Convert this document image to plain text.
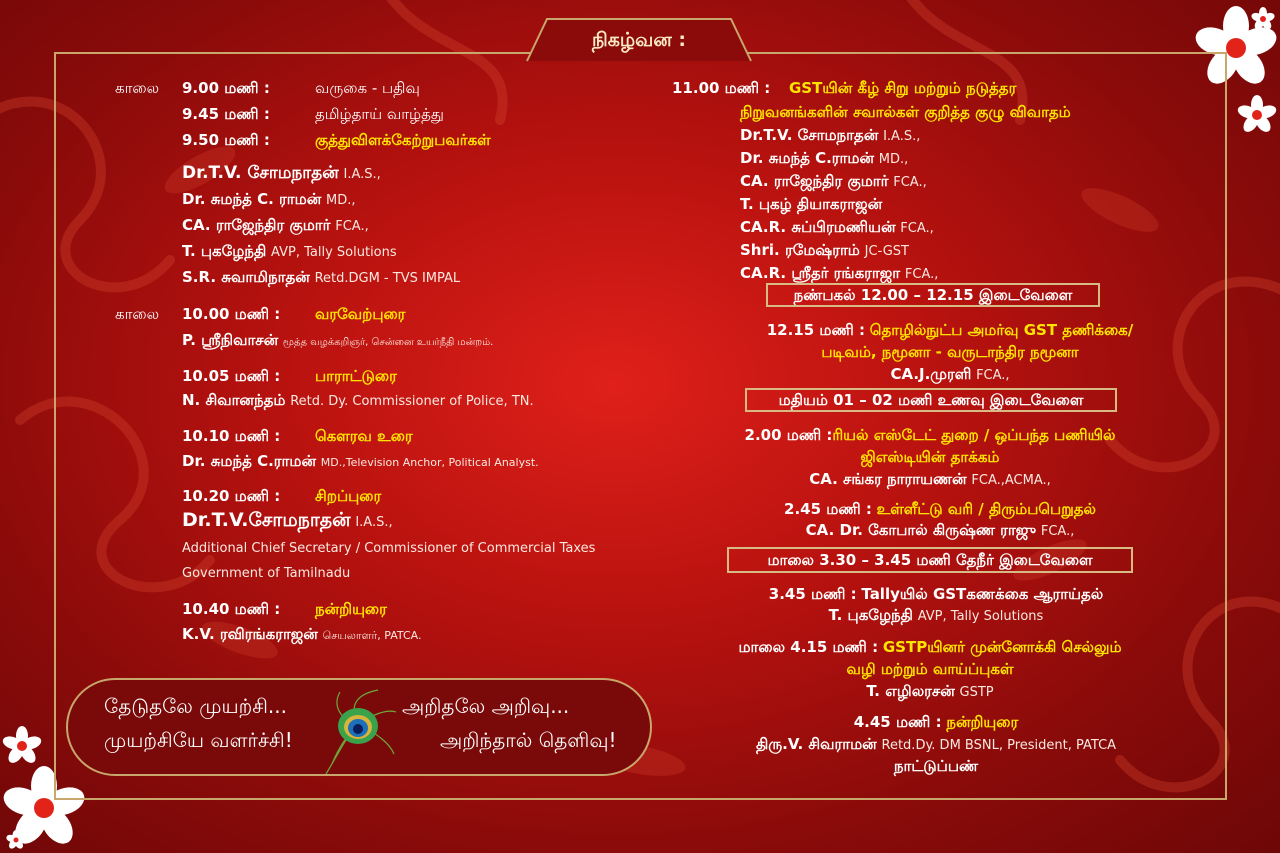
நிகழ்வன :
காலை 9.00 மணி :	வருகை - பதிவு
9.45 மணி :	தமிழ்தாய் வாழ்த்து
9.50 மணி :	குத்துவிளக்கேற்றுபவர்கள்
Dr.T.V. சோமநாதன் I.A.S.,
Dr. சுமந்த் C. ராமன் MD.,
CA. ராஜேந்திர குமார் FCA.,
T. புகழேந்தி AVP, Tally Solutions
S.R. சுவாமிநாதன் Retd.DGM - TVS IMPAL
காலை 10.00 மணி : வரவேற்புரை
P. ஸ்ரீநிவாசன் மூத்த வழக்கறிஞர், சென்னை உயர்நீதி மன்றம்.
10.05 மணி : பாராட்டுரை
N. சிவானந்தம் Retd. Dy. Commissioner of Police, TN.
10.10 மணி : கௌரவ உரை
Dr. சுமந்த் C.ராமன் MD.,Television Anchor, Political Analyst.
10.20 மணி : சிறப்புரை
Dr.T.V.சோமநாதன் I.A.S.,
Additional Chief Secretary / Commissioner of Commercial Taxes
Government of Tamilnadu
10.40 மணி : நன்றியுரை
K.V. ரவிரங்கராஜன் செயலாளர், PATCA.
தேடுதலே முயற்சி...
முயற்சியே வளர்ச்சி!
அறிதலே அறிவு...
அறிந்தால் தெளிவு!
11.00 மணி : GSTயின் கீழ் சிறு மற்றும் நடுத்தர
நிறுவனங்களின் சவால்கள் குறித்த குழு விவாதம்
Dr.T.V. சோமநாதன் I.A.S.,
Dr. சுமந்த் C.ராமன் MD.,
CA. ராஜேந்திர குமார் FCA.,
T. புகழ் தியாகராஜன்
CA.R. சுப்பிரமணியன் FCA.,
Shri. ரமேஷ்ராம் JC-GST
CA.R. ஸ்ரீதர் ரங்கராஜா FCA.,
நண்பகல் 12.00 – 12.15 இடைவேளை
12.15 மணி : தொழில்நுட்ப அமர்வு GST தணிக்கை/
படிவம், நமூனா - வருடாந்திர நமூனா
CA.J.முரளி FCA.,
மதியம் 01 – 02 மணி உணவு இடைவேளை
2.00 மணி :ரியல் எஸ்டேட் துறை / ஒப்பந்த பணியில்
ஜிஎஸ்டியின் தாக்கம்
CA. சங்கர நாராயணன் FCA.,ACMA.,
2.45 மணி : உள்ளீட்டு வரி / திரும்பபெறுதல்
CA. Dr. கோபால் கிருஷ்ண ராஜு FCA.,
மாலை 3.30 – 3.45 மணி தேநீர் இடைவேளை
3.45 மணி : Tallyயில் GSTகணக்கை ஆராய்தல்
T. புகழேந்தி AVP, Tally Solutions
மாலை 4.15 மணி : GSTPயினர் முன்னோக்கி செல்லும்
வழி மற்றும் வாய்ப்புகள்
T. எழிலரசன் GSTP
4.45 மணி : நன்றியுரை
திரு.V. சிவராமன் Retd.Dy. DM BSNL, President, PATCA
நாட்டுப்பண்
